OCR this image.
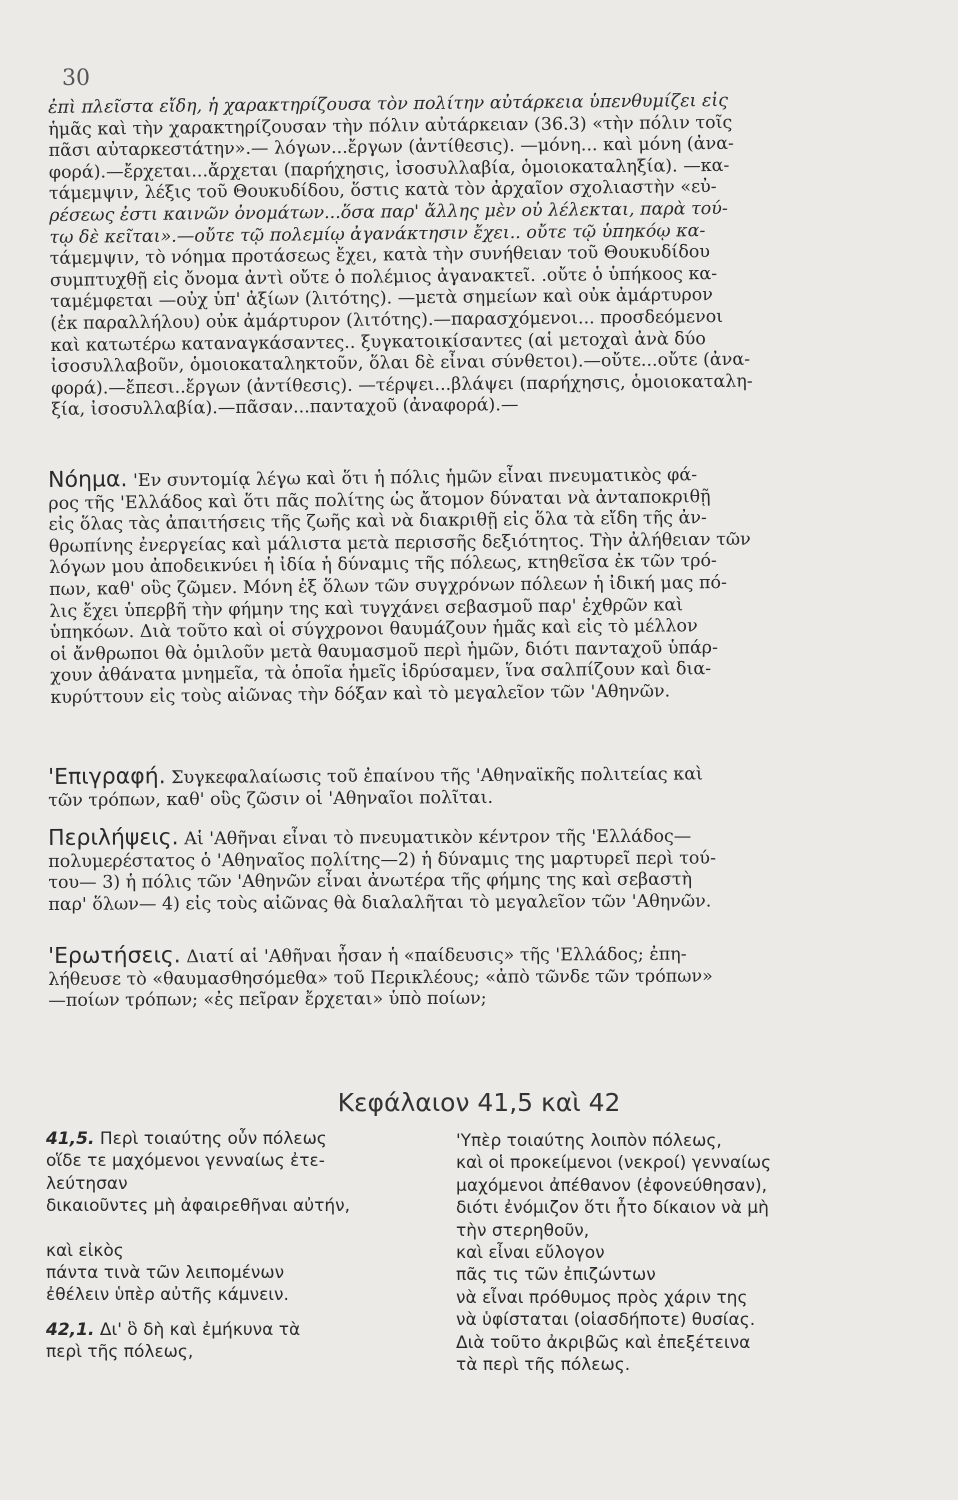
30
ἐπὶ πλεῖστα εἴδη, ἡ χαρακτηρίζουσα τὸν πολίτην αὐτάρκεια ὑπενθυμίζει εἰς
ἡμᾶς καὶ τὴν χαρακτηρίζουσαν τὴν πόλιν αὐτάρκειαν (36.3) «τὴν πόλιν τοῖς
πᾶσι αὐταρκεστάτην».— λόγων...ἔργων (ἀντίθεσις). —μόνη... καὶ μόνη (ἀνα-
φορά).—ἔρχεται...ἄρχεται (παρήχησις, ἰσοσυλλαβία, ὁμοιοκαταληξία). —κα-
τάμεμψιν, λέξις τοῦ Θουκυδίδου, ὅστις κατὰ τὸν ἀρχαῖον σχολιαστὴν «εὐ-
ρέσεως ἐστι καινῶν ὀνομάτων...ὅσα παρ' ἄλλης μὲν οὐ λέλεκται, παρὰ τού-
τῳ δὲ κεῖται».—οὔτε τῷ πολεμίῳ ἀγανάκτησιν ἔχει.. οὔτε τῷ ὑπηκόῳ κα-
τάμεμψιν, τὸ νόημα προτάσεως ἔχει, κατὰ τὴν συνήθειαν τοῦ Θουκυδίδου
συμπτυχθῇ εἰς ὄνομα ἀντὶ οὔτε ὁ πολέμιος ἀγανακτεῖ. .οὔτε ὁ ὑπήκοος κα-
ταμέμφεται —οὐχ ὑπ' ἀξίων (λιτότης). —μετὰ σημείων καὶ οὐκ ἀμάρτυρον
(ἐκ παραλλήλου) οὐκ ἀμάρτυρον (λιτότης).—παρασχόμενοι... προσδεόμενοι
καὶ κατωτέρω καταναγκάσαντες.. ξυγκατοικίσαντες (αἱ μετοχαὶ ἀνὰ δύο
ἰσοσυλλαβοῦν, ὁμοιοκαταληκτοῦν, ὅλαι δὲ εἶναι σύνθετοι).—οὔτε...οὔτε (ἀνα-
φορά).—ἔπεσι..ἔργων (ἀντίθεσις). —τέρψει...βλάψει (παρήχησις, ὁμοιοκαταλη-
ξία, ἰσοσυλλαβία).—πᾶσαν...πανταχοῦ (ἀναφορά).—
Νόημα. 'Εν συντομίᾳ λέγω καὶ ὅτι ἡ πόλις ἡμῶν εἶναι πνευματικὸς φά-
ρος τῆς 'Ελλάδος καὶ ὅτι πᾶς πολίτης ὡς ἄτομον δύναται νὰ ἀνταποκριθῇ
εἰς ὅλας τὰς ἀπαιτήσεις τῆς ζωῆς καὶ νὰ διακριθῇ εἰς ὅλα τὰ εἴδη τῆς ἀν-
θρωπίνης ἐνεργείας καὶ μάλιστα μετὰ περισσῆς δεξιότητος. Τὴν ἀλήθειαν τῶν
λόγων μου ἀποδεικνύει ἡ ἰδία ἡ δύναμις τῆς πόλεως, κτηθεῖσα ἐκ τῶν τρό-
πων, καθ' οὓς ζῶμεν. Μόνη ἐξ ὅλων τῶν συγχρόνων πόλεων ἡ ἰδική μας πό-
λις ἔχει ὑπερβῆ τὴν φήμην της καὶ τυγχάνει σεβασμοῦ παρ' ἐχθρῶν καὶ
ὑπηκόων. Διὰ τοῦτο καὶ οἱ σύγχρονοι θαυμάζουν ἡμᾶς καὶ εἰς τὸ μέλλον
οἱ ἄνθρωποι θὰ ὁμιλοῦν μετὰ θαυμασμοῦ περὶ ἡμῶν, διότι πανταχοῦ ὑπάρ-
χουν ἀθάνατα μνημεῖα, τὰ ὁποῖα ἡμεῖς ἱδρύσαμεν, ἵνα σαλπίζουν καὶ δια-
κυρύττουν εἰς τοὺς αἰῶνας τὴν δόξαν καὶ τὸ μεγαλεῖον τῶν 'Αθηνῶν.
'Επιγραφή. Συγκεφαλαίωσις τοῦ ἐπαίνου τῆς 'Αθηναϊκῆς πολιτείας καὶ
τῶν τρόπων, καθ' οὓς ζῶσιν οἱ 'Αθηναῖοι πολῖται.
Περιλήψεις. Αἱ 'Αθῆναι εἶναι τὸ πνευματικὸν κέντρον τῆς 'Ελλάδος—
πολυμερέστατος ὁ 'Αθηναῖος πολίτης—2) ἡ δύναμις της μαρτυρεῖ περὶ τού-
του— 3) ἡ πόλις τῶν 'Αθηνῶν εἶναι ἀνωτέρα τῆς φήμης της καὶ σεβαστὴ
παρ' ὅλων— 4) εἰς τοὺς αἰῶνας θὰ διαλαλῆται τὸ μεγαλεῖον τῶν 'Αθηνῶν.
'Ερωτήσεις. Διατί αἱ 'Αθῆναι ἦσαν ἡ «παίδευσις» τῆς 'Ελλάδος; ἐπη-
λήθευσε τὸ «θαυμασθησόμεθα» τοῦ Περικλέους; «ἀπὸ τῶνδε τῶν τρόπων»
—ποίων τρόπων; «ἐς πεῖραν ἔρχεται» ὑπὸ ποίων;
Κεφάλαιον 41,5 καὶ 42
41,5. Περὶ τοιαύτης οὖν πόλεως
οἵδε τε μαχόμενοι γενναίως ἐτε-
λεύτησαν
δικαιοῦντες μὴ ἀφαιρεθῆναι αὐτήν,
καὶ εἰκὸς
πάντα τινὰ τῶν λειπομένων
ἐθέλειν ὑπὲρ αὐτῆς κάμνειν.
42,1. Δι' ὃ δὴ καὶ ἐμήκυνα τὰ
περὶ τῆς πόλεως,
'Υπὲρ τοιαύτης λοιπὸν πόλεως,
καὶ οἱ προκείμενοι (νεκροί) γενναίως
μαχόμενοι ἀπέθανον (ἐφονεύθησαν),
διότι ἐνόμιζον ὅτι ἦτο δίκαιον νὰ μὴ
τὴν στερηθοῦν,
καὶ εἶναι εὔλογον
πᾶς τις τῶν ἐπιζώντων
νὰ εἶναι πρόθυμος πρὸς χάριν της
νὰ ὑφίσταται (οἱασδήποτε) θυσίας.
Διὰ τοῦτο ἀκριβῶς καὶ ἐπεξέτεινα
τὰ περὶ τῆς πόλεως.
